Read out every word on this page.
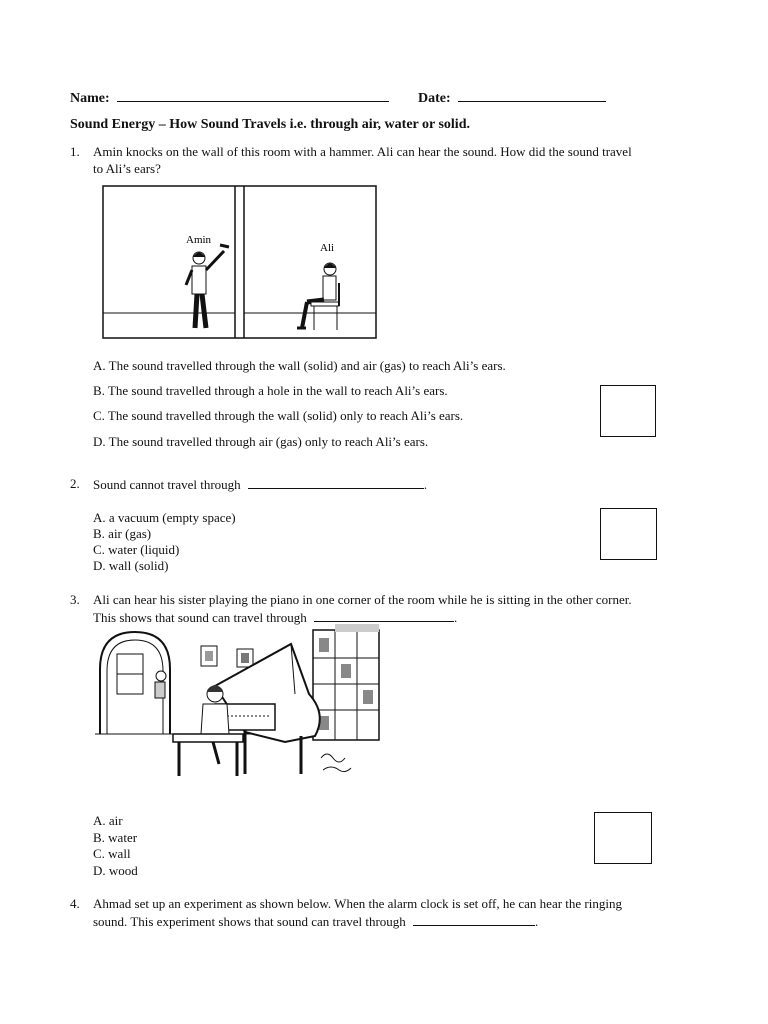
Name:	Date:
Sound Energy – How Sound Travels i.e. through air, water or solid.
1. Amin knocks on the wall of this room with a hammer. Ali can hear the sound. How did the sound travel
to Ali’s ears?
Amin
Ali
A. The sound travelled through the wall (solid) and air (gas) to reach Ali’s ears.
B. The sound travelled through a hole in the wall to reach Ali’s ears.
C. The sound travelled through the wall (solid) only to reach Ali’s ears.
D. The sound travelled through air (gas) only to reach Ali’s ears.
2. Sound cannot travel through	.
A. a vacuum (empty space)
B. air (gas)
C. water (liquid)
D. wall (solid)
3. Ali can hear his sister playing the piano in one corner of the room while he is sitting in the other corner.
This shows that sound can travel through	.
A. air
B. water
C. wall
D. wood
4. Ahmad set up an experiment as shown below. When the alarm clock is set off, he can hear the ringing
sound. This experiment shows that sound can travel through	.
